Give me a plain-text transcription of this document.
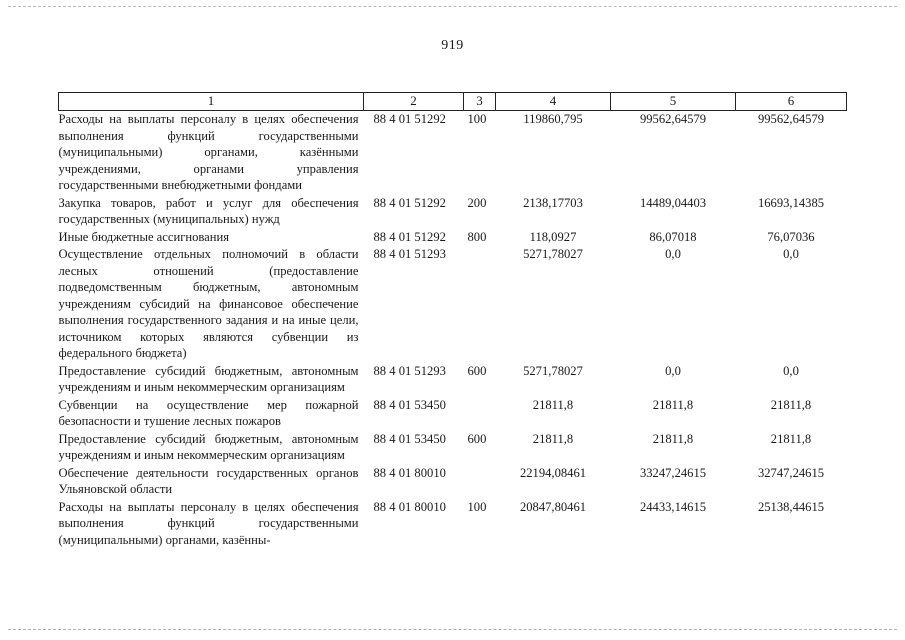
919
1	2	3	4	5	6
Расходы на выплаты персоналу в целях обеспечения выполнения функций государственными (муниципальными) органами, казёнными учреждениями, органами управления государственными внебюджетными фондами	88 4 01 51292	100	119860,795	99562,64579	99562,64579
Закупка товаров, работ и услуг для обеспечения государственных (муниципальных) нужд	88 4 01 51292	200	2138,17703	14489,04403	16693,14385
Иные бюджетные ассигнования	88 4 01 51292	800	118,0927	86,07018	76,07036
Осуществление отдельных полномочий в области лесных отношений (предоставление подведомственным бюджетным, автономным учреждениям субсидий на финансовое обеспечение выполнения государственного задания и на иные цели, источником которых являются субвенции из федерального бюджета)	88 4 01 51293		5271,78027	0,0	0,0
Предоставление субсидий бюджетным, автономным учреждениям и иным некоммерческим организациям	88 4 01 51293	600	5271,78027	0,0	0,0
Субвенции на осуществление мер пожарной безопасности и тушение лесных пожаров	88 4 01 53450		21811,8	21811,8	21811,8
Предоставление субсидий бюджетным, автономным учреждениям и иным некоммерческим организациям	88 4 01 53450	600	21811,8	21811,8	21811,8
Обеспечение деятельности государственных органов Ульяновской области	88 4 01 80010		22194,08461	33247,24615	32747,24615
Расходы на выплаты персоналу в целях обеспечения выполнения функций государственными (муниципальными) органами, казённы-	88 4 01 80010	100	20847,80461	24433,14615	25138,44615
